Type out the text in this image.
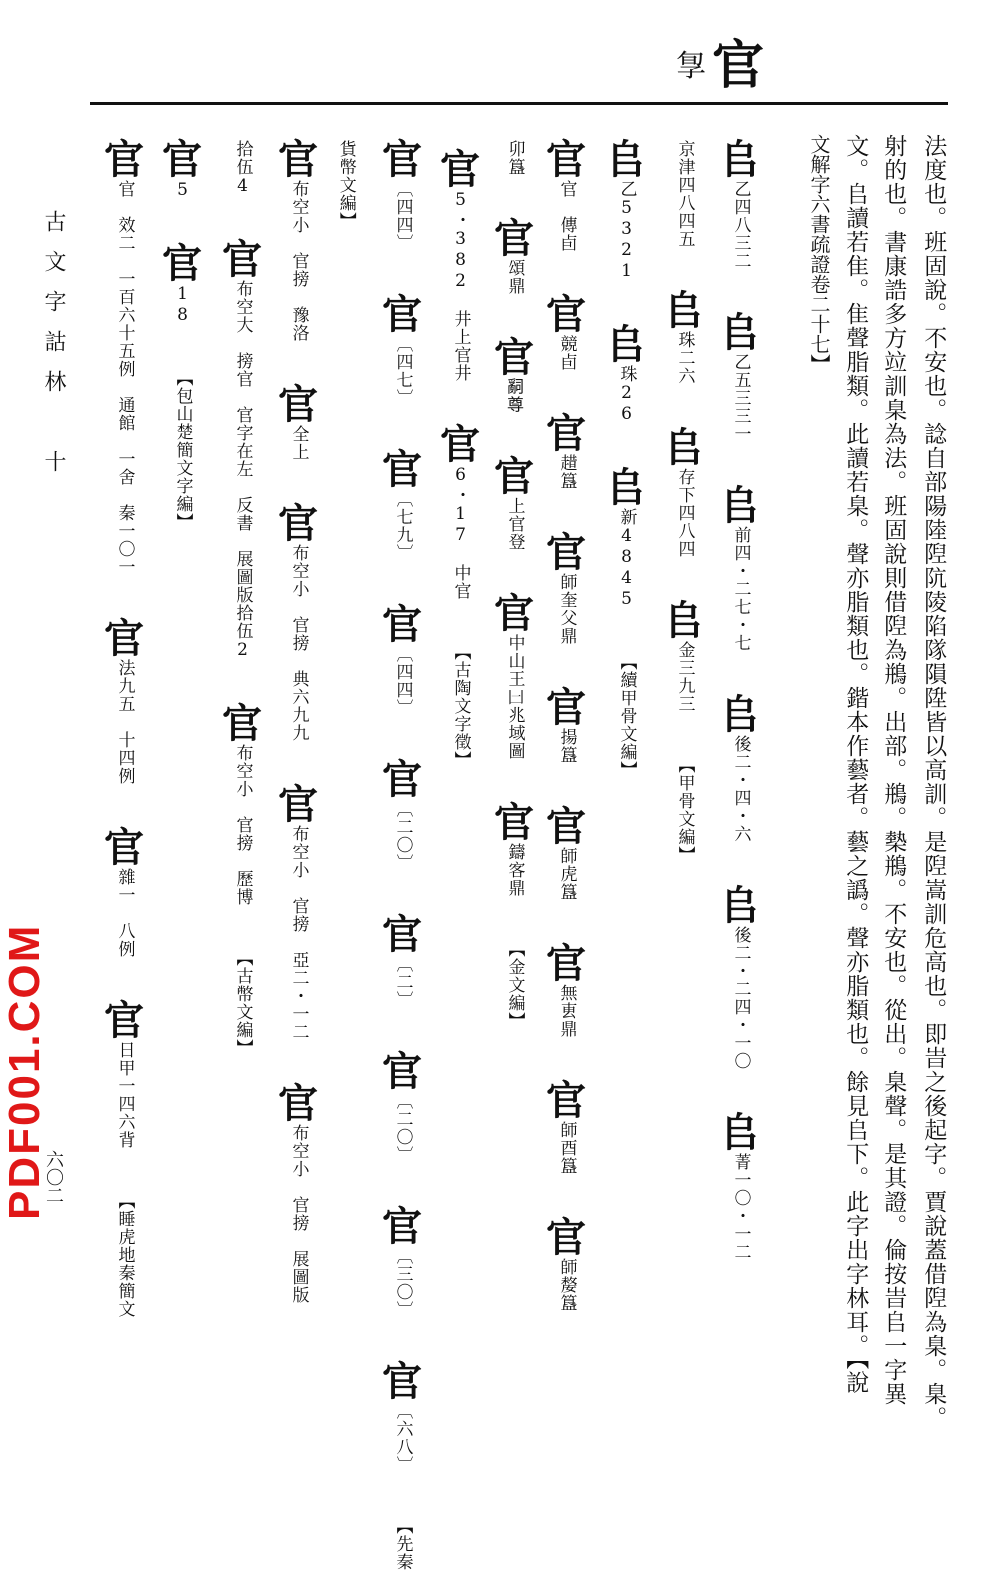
官
㝁
法度也。班固說。不安也。諗自部陽陸隉阬陵陷隊隕陞皆以高訓。是隉嵩訓危高也。即旹之後起字。賈說蓋借隉為臬。臬。
射的也。書康誥多方竝訓臬為法。班固說則借隉為鵧。出部。鵧。槷鵧。不安也。從出。臬聲。是其證。倫按旹𠂤一字異
文。𠂤讀若隹。隹聲脂類。此讀若臬。聲亦脂類也。鍇本作藝者。藝之譌。聲亦脂類也。餘見𠂤下。此字出字林耳。【說
文解字六書疏證卷二十七】
𠂤乙四八三二 𠂤乙五三三一 𠂤前四・二七・七 𠂤後二・四・六 𠂤後二・二四・一〇 𠂤菁一〇・一二
京津四八四五 𠂤珠二六 𠂤存下四八四 𠂤金三九三 【甲骨文編】
𠂤乙5321 𠂤珠26 𠂤新4845 【續甲骨文編】
官官　傳卣 官競卣 官趞簋 官師奎父鼎 官揚簋 官師虎簋 官無叀鼎 官師酉簋 官師嫠簋
卯簋 官頌鼎 官𤔲尊 官上官登 官中山王𠙵兆域圖 官鑄客鼎 【金文編】
官5・382　井上官井 官6・17　中官 【古陶文字徵】
官〔四四〕 官〔四七〕 官〔七九〕 官〔四四〕 官〔二〇〕 官〔二〕 官〔二〇〕 官〔三〇〕 官〔六八〕 【先秦
貨幣文編】
官布空小　官搒　豫洛 官全上 官布空小　官搒　典六九九 官布空小　官搒　亞二・一二 官布空小　官搒　展圖版
拾伍4 官布空大　搒官　官字在左　反書　展圖版拾伍2 官布空小　官搒　歷博 【古幣文編】
官5 官18 【包山楚簡文字編】
官官　效二　一百六十五例　通館　一舍　秦一〇一 官法九五　十四例 官雜一　八例 官日甲一四六背 【睡虎地秦簡文
古文字詁林　十
六〇二
PDF001.COM
